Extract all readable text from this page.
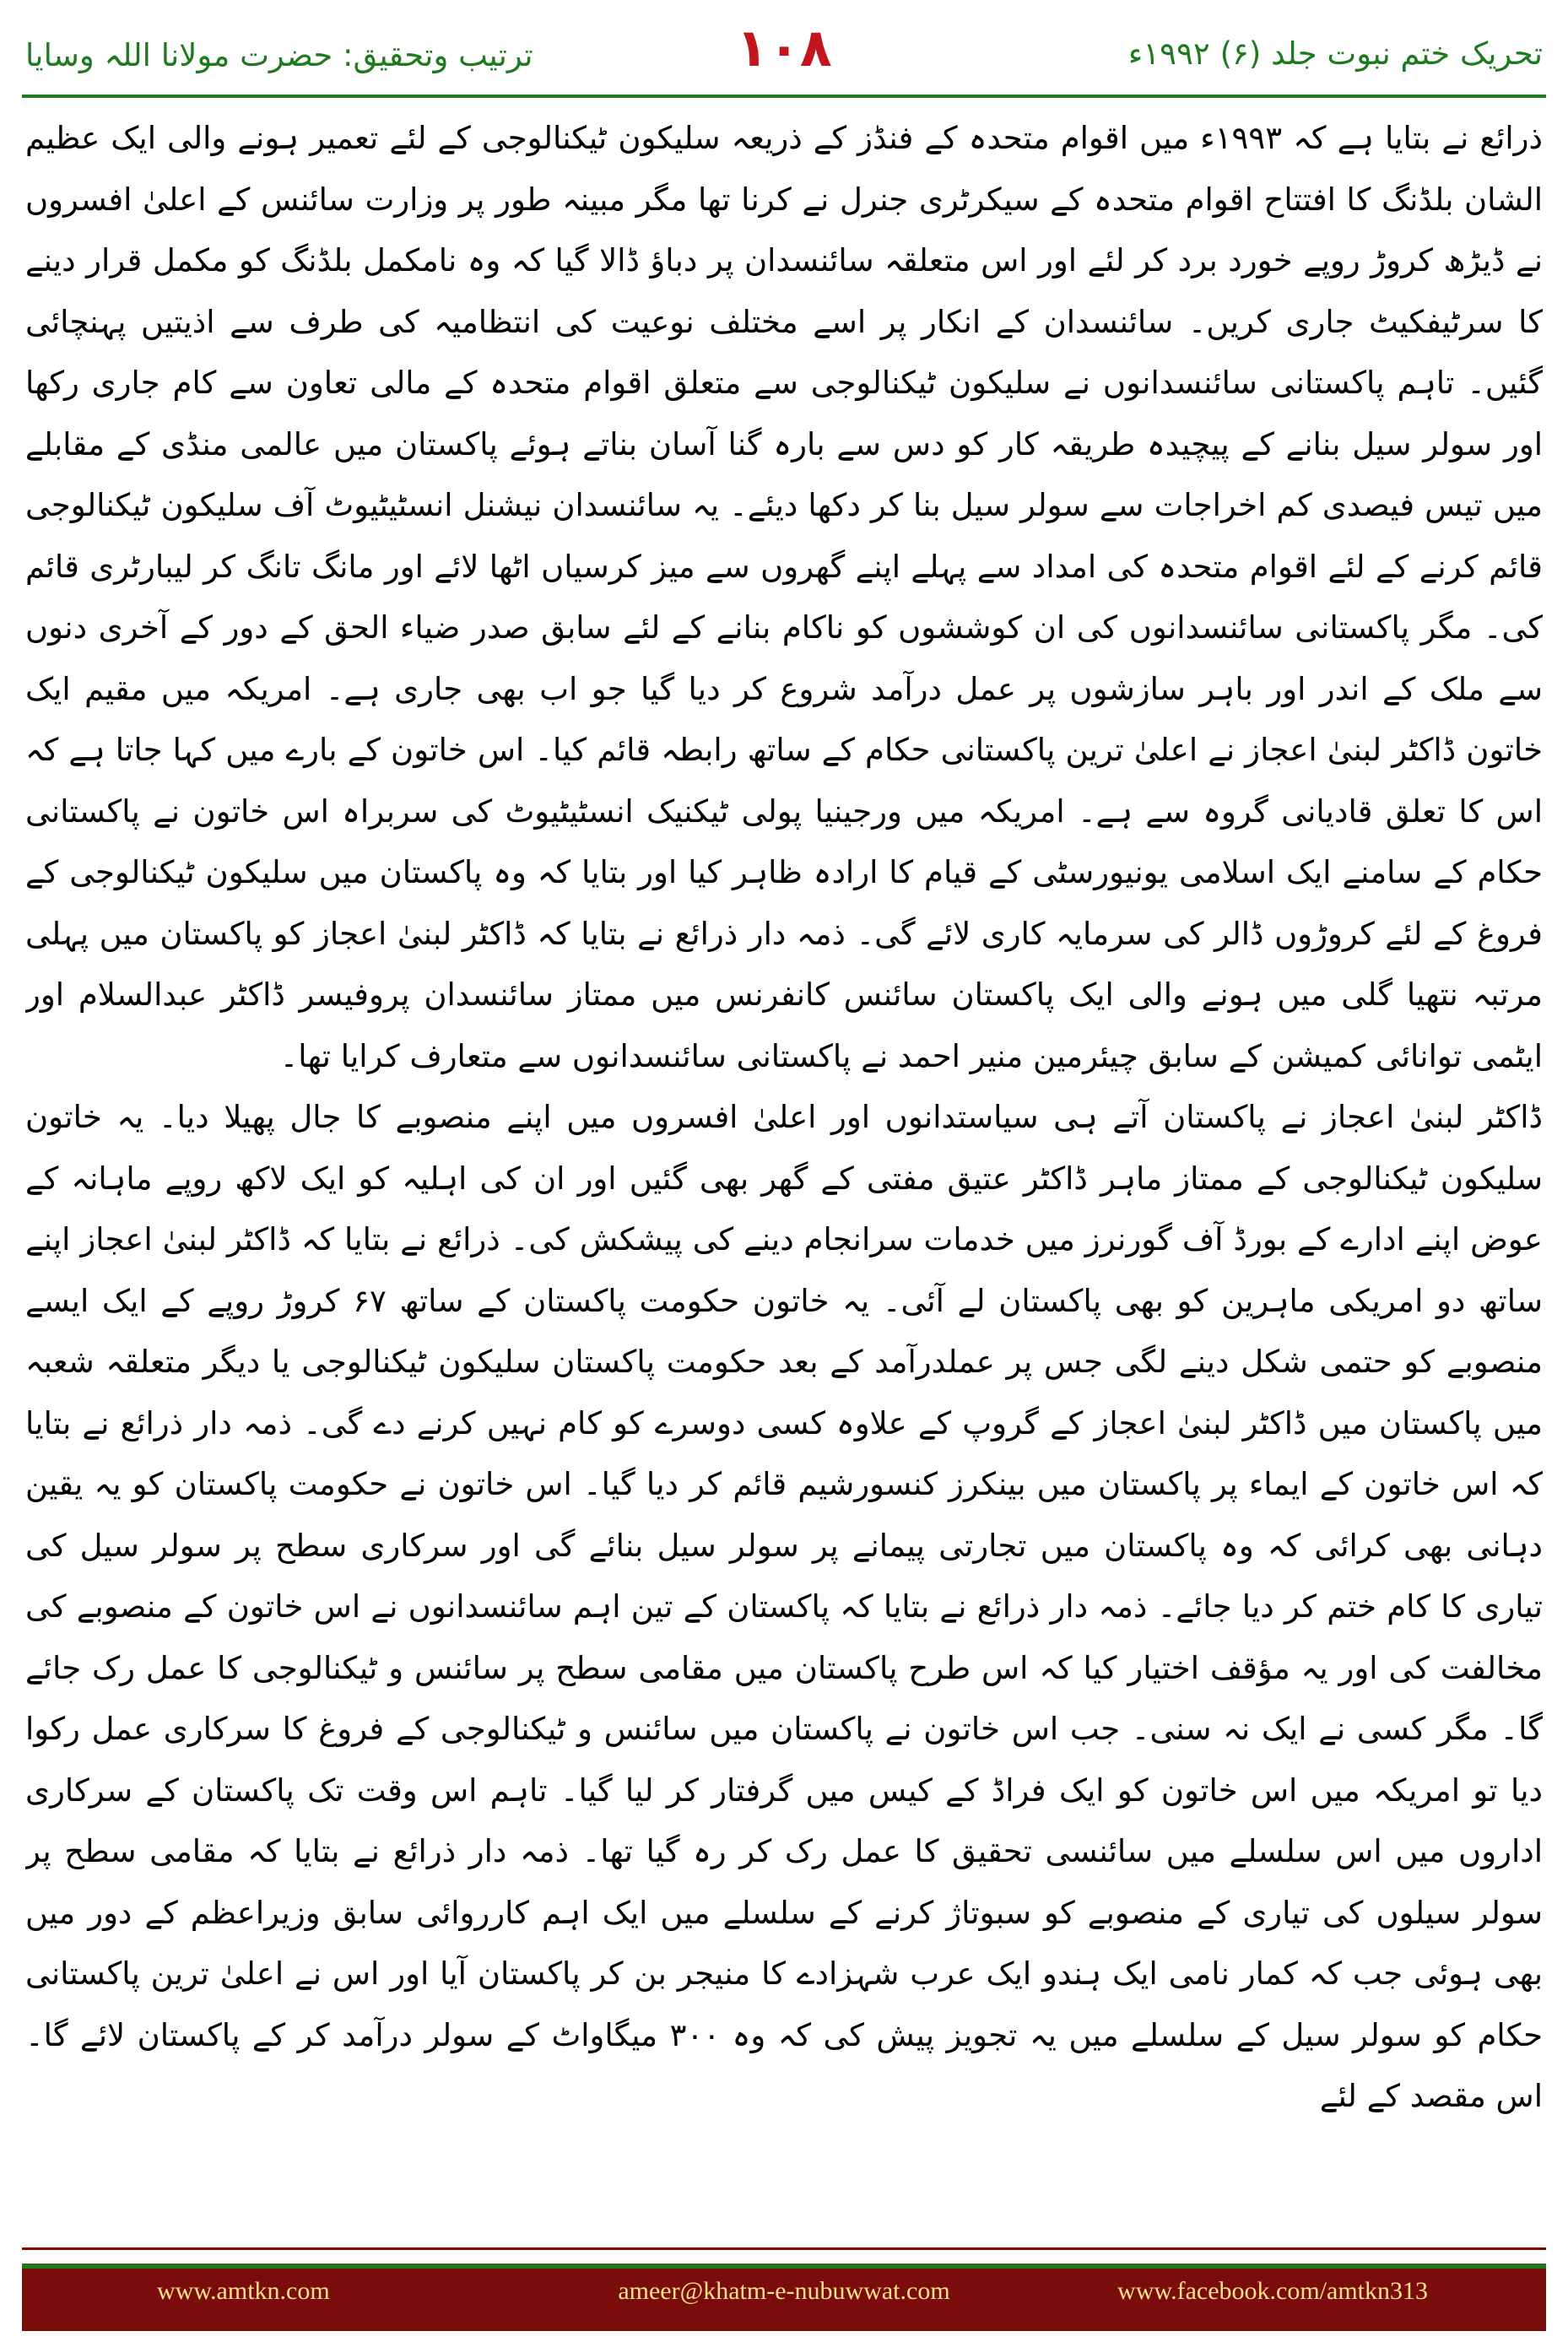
ترتیب وتحقیق: حضرت مولانا اللہ وسایا	۱۰۸	تحریک ختم نبوت جلد (۶) ۱۹۹۲ء

ذرائع نے بتایا ہے کہ ۱۹۹۳ء میں اقوام متحدہ کے فنڈز کے ذریعہ سلیکون ٹیکنالوجی کے لئے تعمیر ہونے والی ایک عظیم الشان بلڈنگ کا افتتاح اقوام متحدہ کے سیکرٹری جنرل نے کرنا تھا مگر مبینہ طور پر وزارت سائنس کے اعلیٰ افسروں نے ڈیڑھ کروڑ روپے خورد برد کر لئے اور اس متعلقہ سائنسدان پر دباؤ ڈالا گیا کہ وہ نامکمل بلڈنگ کو مکمل قرار دینے کا سرٹیفکیٹ جاری کریں۔ سائنسدان کے انکار پر اسے مختلف نوعیت کی انتظامیہ کی طرف سے اذیتیں پہنچائی گئیں۔ تاہم پاکستانی سائنسدانوں نے سلیکون ٹیکنالوجی سے متعلق اقوام متحدہ کے مالی تعاون سے کام جاری رکھا اور سولر سیل بنانے کے پیچیدہ طریقہ کار کو دس سے بارہ گنا آسان بناتے ہوئے پاکستان میں عالمی منڈی کے مقابلے میں تیس فیصدی کم اخراجات سے سولر سیل بنا کر دکھا دیئے۔ یہ سائنسدان نیشنل انسٹیٹیوٹ آف سلیکون ٹیکنالوجی قائم کرنے کے لئے اقوام متحدہ کی امداد سے پہلے اپنے گھروں سے میز کرسیاں اٹھا لائے اور مانگ تانگ کر لیبارٹری قائم کی۔ مگر پاکستانی سائنسدانوں کی ان کوششوں کو ناکام بنانے کے لئے سابق صدر ضیاء الحق کے دور کے آخری دنوں سے ملک کے اندر اور باہر سازشوں پر عمل درآمد شروع کر دیا گیا جو اب بھی جاری ہے۔ امریکہ میں مقیم ایک خاتون ڈاکٹر لبنیٰ اعجاز نے اعلیٰ ترین پاکستانی حکام کے ساتھ رابطہ قائم کیا۔ اس خاتون کے بارے میں کہا جاتا ہے کہ اس کا تعلق قادیانی گروہ سے ہے۔ امریکہ میں ورجینیا پولی ٹیکنیک انسٹیٹیوٹ کی سربراہ اس خاتون نے پاکستانی حکام کے سامنے ایک اسلامی یونیورسٹی کے قیام کا ارادہ ظاہر کیا اور بتایا کہ وہ پاکستان میں سلیکون ٹیکنالوجی کے فروغ کے لئے کروڑوں ڈالر کی سرمایہ کاری لائے گی۔ ذمہ دار ذرائع نے بتایا کہ ڈاکٹر لبنیٰ اعجاز کو پاکستان میں پہلی مرتبہ نتھیا گلی میں ہونے والی ایک پاکستان سائنس کانفرنس میں ممتاز سائنسدان پروفیسر ڈاکٹر عبدالسلام اور ایٹمی توانائی کمیشن کے سابق چیئرمین منیر احمد نے پاکستانی سائنسدانوں سے متعارف کرایا تھا۔

ڈاکٹر لبنیٰ اعجاز نے پاکستان آتے ہی سیاستدانوں اور اعلیٰ افسروں میں اپنے منصوبے کا جال پھیلا دیا۔ یہ خاتون سلیکون ٹیکنالوجی کے ممتاز ماہر ڈاکٹر عتیق مفتی کے گھر بھی گئیں اور ان کی اہلیہ کو ایک لاکھ روپے ماہانہ کے عوض اپنے ادارے کے بورڈ آف گورنرز میں خدمات سرانجام دینے کی پیشکش کی۔ ذرائع نے بتایا کہ ڈاکٹر لبنیٰ اعجاز اپنے ساتھ دو امریکی ماہرین کو بھی پاکستان لے آئی۔ یہ خاتون حکومت پاکستان کے ساتھ ۶۷ کروڑ روپے کے ایک ایسے منصوبے کو حتمی شکل دینے لگی جس پر عملدرآمد کے بعد حکومت پاکستان سلیکون ٹیکنالوجی یا دیگر متعلقہ شعبہ میں پاکستان میں ڈاکٹر لبنیٰ اعجاز کے گروپ کے علاوہ کسی دوسرے کو کام نہیں کرنے دے گی۔ ذمہ دار ذرائع نے بتایا کہ اس خاتون کے ایماء پر پاکستان میں بینکرز کنسورشیم قائم کر دیا گیا۔ اس خاتون نے حکومت پاکستان کو یہ یقین دہانی بھی کرائی کہ وہ پاکستان میں تجارتی پیمانے پر سولر سیل بنائے گی اور سرکاری سطح پر سولر سیل کی تیاری کا کام ختم کر دیا جائے۔ ذمہ دار ذرائع نے بتایا کہ پاکستان کے تین اہم سائنسدانوں نے اس خاتون کے منصوبے کی مخالفت کی اور یہ مؤقف اختیار کیا کہ اس طرح پاکستان میں مقامی سطح پر سائنس و ٹیکنالوجی کا عمل رک جائے گا۔ مگر کسی نے ایک نہ سنی۔ جب اس خاتون نے پاکستان میں سائنس و ٹیکنالوجی کے فروغ کا سرکاری عمل رکوا دیا تو امریکہ میں اس خاتون کو ایک فراڈ کے کیس میں گرفتار کر لیا گیا۔ تاہم اس وقت تک پاکستان کے سرکاری اداروں میں اس سلسلے میں سائنسی تحقیق کا عمل رک کر رہ گیا تھا۔ ذمہ دار ذرائع نے بتایا کہ مقامی سطح پر سولر سیلوں کی تیاری کے منصوبے کو سبوتاژ کرنے کے سلسلے میں ایک اہم کارروائی سابق وزیراعظم کے دور میں بھی ہوئی جب کہ کمار نامی ایک ہندو ایک عرب شہزادے کا منیجر بن کر پاکستان آیا اور اس نے اعلیٰ ترین پاکستانی حکام کو سولر سیل کے سلسلے میں یہ تجویز پیش کی کہ وہ ۳۰۰ میگاواٹ کے سولر درآمد کر کے پاکستان لائے گا۔ اس مقصد کے لئے

www.amtkn.com	ameer@khatm-e-nubuwwat.com	www.facebook.com/amtkn313
